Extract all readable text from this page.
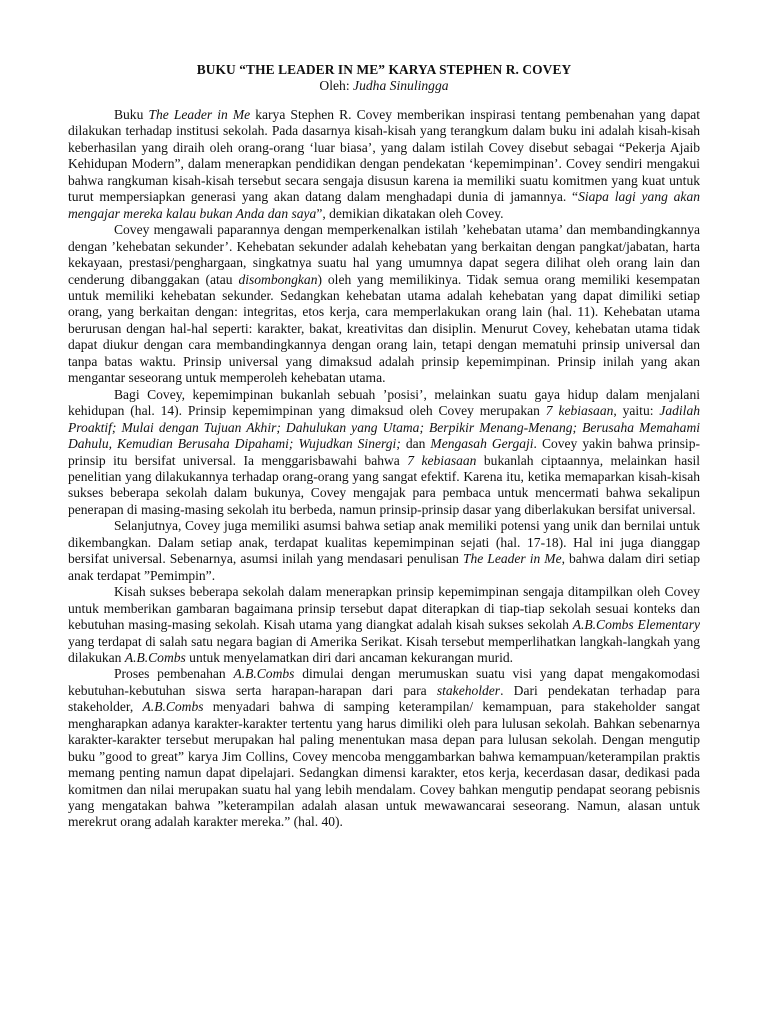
BUKU “THE LEADER IN ME” KARYA STEPHEN R. COVEY

Oleh: Judha Sinulingga

Buku The Leader in Me karya Stephen R. Covey memberikan inspirasi tentang pembenahan yang dapat dilakukan terhadap institusi sekolah. Pada dasarnya kisah-kisah yang terangkum dalam buku ini adalah kisah-kisah keberhasilan yang diraih oleh orang-orang ‘luar biasa’, yang dalam istilah Covey disebut sebagai “Pekerja Ajaib Kehidupan Modern”, dalam menerapkan pendidikan dengan pendekatan ‘kepemimpinan’. Covey sendiri mengakui bahwa rangkuman kisah-kisah tersebut secara sengaja disusun karena ia memiliki suatu komitmen yang kuat untuk turut mempersiapkan generasi yang akan datang dalam menghadapi dunia di jamannya. “Siapa lagi yang akan mengajar mereka kalau bukan Anda dan saya”, demikian dikatakan oleh Covey.

Covey mengawali paparannya dengan memperkenalkan istilah ’kehebatan utama’ dan membandingkannya dengan ’kehebatan sekunder’. Kehebatan sekunder adalah kehebatan yang berkaitan dengan pangkat/jabatan, harta kekayaan, prestasi/penghargaan, singkatnya suatu hal yang umumnya dapat segera dilihat oleh orang lain dan cenderung dibanggakan (atau disombongkan) oleh yang memilikinya. Tidak semua orang memiliki kesempatan untuk memiliki kehebatan sekunder. Sedangkan kehebatan utama adalah kehebatan yang dapat dimiliki setiap orang, yang berkaitan dengan: integritas, etos kerja, cara memperlakukan orang lain (hal. 11). Kehebatan utama berurusan dengan hal-hal seperti: karakter, bakat, kreativitas dan disiplin. Menurut Covey, kehebatan utama tidak dapat diukur dengan cara membandingkannya dengan orang lain, tetapi dengan mematuhi prinsip universal dan tanpa batas waktu. Prinsip universal yang dimaksud adalah prinsip kepemimpinan. Prinsip inilah yang akan mengantar seseorang untuk memperoleh kehebatan utama.

Bagi Covey, kepemimpinan bukanlah sebuah ’posisi’, melainkan suatu gaya hidup dalam menjalani kehidupan (hal. 14). Prinsip kepemimpinan yang dimaksud oleh Covey merupakan 7 kebiasaan, yaitu: Jadilah Proaktif; Mulai dengan Tujuan Akhir; Dahulukan yang Utama; Berpikir Menang-Menang; Berusaha Memahami Dahulu, Kemudian Berusaha Dipahami; Wujudkan Sinergi; dan Mengasah Gergaji. Covey yakin bahwa prinsip-prinsip itu bersifat universal. Ia menggarisbawahi bahwa 7 kebiasaan bukanlah ciptaannya, melainkan hasil penelitian yang dilakukannya terhadap orang-orang yang sangat efektif. Karena itu, ketika memaparkan kisah-kisah sukses beberapa sekolah dalam bukunya, Covey mengajak para pembaca untuk mencermati bahwa sekalipun penerapan di masing-masing sekolah itu berbeda, namun prinsip-prinsip dasar yang diberlakukan bersifat universal.

Selanjutnya, Covey juga memiliki asumsi bahwa setiap anak memiliki potensi yang unik dan bernilai untuk dikembangkan. Dalam setiap anak, terdapat kualitas kepemimpinan sejati (hal. 17-18). Hal ini juga dianggap bersifat universal. Sebenarnya, asumsi inilah yang mendasari penulisan The Leader in Me, bahwa dalam diri setiap anak terdapat ”Pemimpin”.

Kisah sukses beberapa sekolah dalam menerapkan prinsip kepemimpinan sengaja ditampilkan oleh Covey untuk memberikan gambaran bagaimana prinsip tersebut dapat diterapkan di tiap-tiap sekolah sesuai konteks dan kebutuhan masing-masing sekolah. Kisah utama yang diangkat adalah kisah sukses sekolah A.B.Combs Elementary yang terdapat di salah satu negara bagian di Amerika Serikat. Kisah tersebut memperlihatkan langkah-langkah yang dilakukan A.B.Combs untuk menyelamatkan diri dari ancaman kekurangan murid.

Proses pembenahan A.B.Combs dimulai dengan merumuskan suatu visi yang dapat mengakomodasi kebutuhan-kebutuhan siswa serta harapan-harapan dari para stakeholder. Dari pendekatan terhadap para stakeholder, A.B.Combs menyadari bahwa di samping keterampilan/ kemampuan, para stakeholder sangat mengharapkan adanya karakter-karakter tertentu yang harus dimiliki oleh para lulusan sekolah. Bahkan sebenarnya karakter-karakter tersebut merupakan hal paling menentukan masa depan para lulusan sekolah. Dengan mengutip buku ”good to great” karya Jim Collins, Covey mencoba menggambarkan bahwa kemampuan/keterampilan praktis memang penting namun dapat dipelajari. Sedangkan dimensi karakter, etos kerja, kecerdasan dasar, dedikasi pada komitmen dan nilai merupakan suatu hal yang lebih mendalam. Covey bahkan mengutip pendapat seorang pebisnis yang mengatakan bahwa ”keterampilan adalah alasan untuk mewawancarai seseorang. Namun, alasan untuk merekrut orang adalah karakter mereka.” (hal. 40).
